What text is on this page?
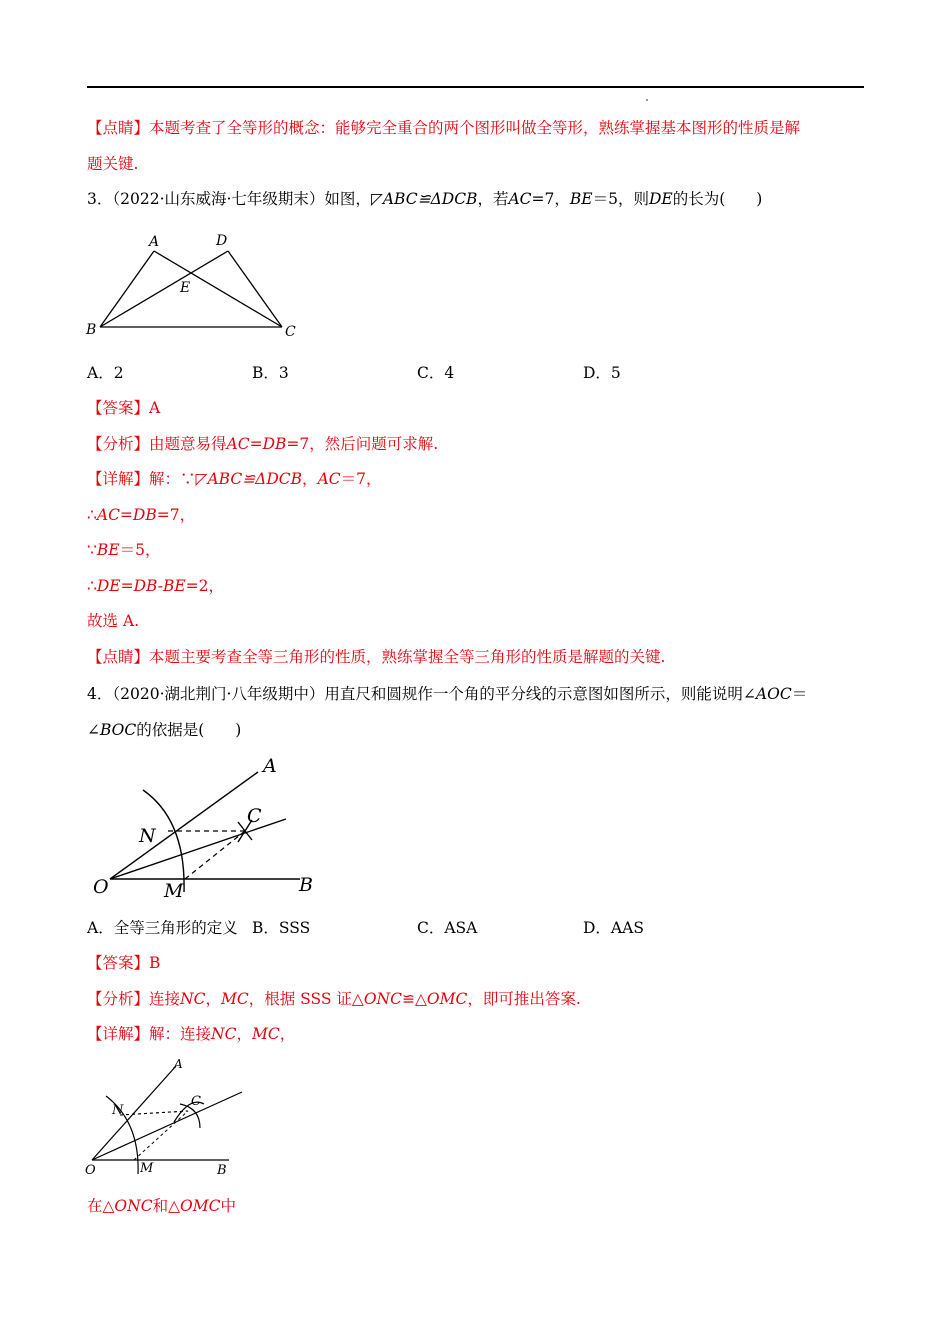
【点睛】本题考查了全等形的概念：能够完全重合的两个图形叫做全等形，熟练掌握基本图形的性质是解
题关键.
3．（2022·山东威海·七年级期末）如图，◸ABC≌ΔDCB，若AC=7，BE＝5，则DE的长为(　　)
A	D
E
B	C
A．2	B．3	C．4	D．5
【答案】A
【分析】由题意易得AC=DB=7，然后问题可求解.
【详解】解：∵◸ABC≌ΔDCB，AC＝7，
∴AC=DB=7，
∵BE＝5，
∴DE=DB-BE=2，
故选 A.
【点睛】本题主要考查全等三角形的性质，熟练掌握全等三角形的性质是解题的关键.
4．（2020·湖北荆门·八年级期中）用直尺和圆规作一个角的平分线的示意图如图所示，则能说明∠AOC＝
∠BOC的依据是(　　)
A
C
N
O	M	B
A．全等三角形的定义 B．SSS	C．ASA	D．AAS
【答案】B
【分析】连接NC，MC，根据 SSS 证△ONC≌△OMC，即可推出答案.
【详解】解：连接NC，MC，
A
C
N
O	M	B
在△ONC和△OMC中
